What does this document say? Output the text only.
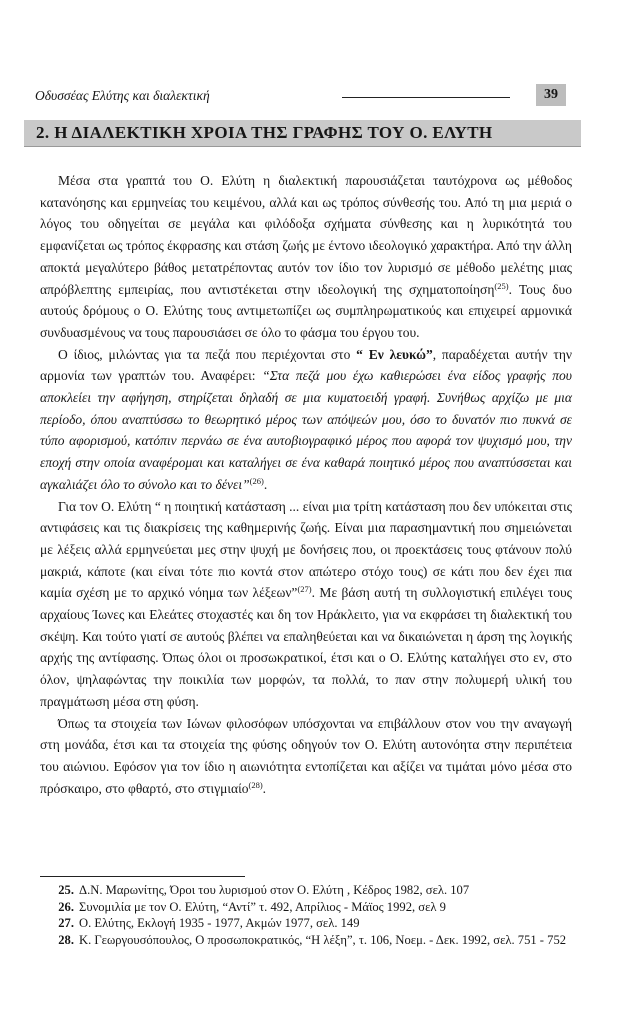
Οδυσσέας Ελύτης και διαλεκτική	39
2. Η ΔΙΑΛΕΚΤΙΚΗ ΧΡΟΙΑ ΤΗΣ ΓΡΑΦΗΣ ΤΟΥ Ο. ΕΛΥΤΗ

Μέσα στα γραπτά του Ο. Ελύτη η διαλεκτική παρουσιάζεται ταυτόχρονα ως μέθοδος κατανόησης και ερμηνείας του κειμένου, αλλά και ως τρόπος σύνθεσής του. Από τη μια μεριά ο λόγος του οδηγείται σε μεγάλα και φιλόδοξα σχήματα σύνθεσης και η λυρικότητά του εμφανίζεται ως τρόπος έκφρασης και στάση ζωής με έντονο ιδεολογικό χαρακτήρα. Από την άλλη αποκτά μεγαλύτερο βάθος μετατρέποντας αυτόν τον ίδιο τον λυρισμό σε μέθοδο μελέτης μιας απρόβλεπτης εμπειρίας, που αντιστέκεται στην ιδεολογική της σχηματοποίηση$^{(25)}$. Τους δυο αυτούς δρόμους ο Ο. Ελύτης τους αντιμετωπίζει ως συμπληρωματικούς και επιχειρεί αρμονικά συνδυασμένους να τους παρουσιάσει σε όλο το φάσμα του έργου του.

Ο ίδιος, μιλώντας για τα πεζά που περιέχονται στο “ Εν λευκώ”, παραδέχεται αυτήν την αρμονία των γραπτών του. Αναφέρει: “Στα πεζά μου έχω καθιερώσει ένα είδος γραφής που αποκλείει την αφήγηση, στηρίζεται δηλαδή σε μια κυματοειδή γραφή. Συνήθως αρχίζω με μια περίοδο, όπου αναπτύσσω το θεωρητικό μέρος των απόψεών μου, όσο το δυνατόν πιο πυκνά σε τύπο αφορισμού, κατόπιν περνάω σε ένα αυτοβιογραφικό μέρος που αφορά τον ψυχισμό μου, την εποχή στην οποία αναφέρομαι και καταλήγει σε ένα καθαρά ποιητικό μέρος που αναπτύσσεται και αγκαλιάζει όλο το σύνολο και το δένει”$^{(26)}$.

Για τον Ο. Ελύτη “ η ποιητική κατάσταση ... είναι μια τρίτη κατάσταση που δεν υπόκειται στις αντιφάσεις και τις διακρίσεις της καθημερινής ζωής. Είναι μια παρασημαντική που σημειώνεται με λέξεις αλλά ερμηνεύεται μες στην ψυχή με δονήσεις που, οι προεκτάσεις τους φτάνουν πολύ μακριά, κάποτε (και είναι τότε πιο κοντά στον απώτερο στόχο τους) σε κάτι που δεν έχει πια καμία σχέση με το αρχικό νόημα των λέξεων”$^{(27)}$. Με βάση αυτή τη συλλογιστική επιλέγει τους αρχαίους Ίωνες και Ελεάτες στοχαστές και δη τον Ηράκλειτο, για να εκφράσει τη διαλεκτική του σκέψη. Και τούτο γιατί σε αυτούς βλέπει να επαληθεύεται και να δικαιώνεται η άρση της λογικής αρχής της αντίφασης. Όπως όλοι οι προσωκρατικοί, έτσι και ο Ο. Ελύτης καταλήγει στο εν, στο όλον, ψηλαφώντας την ποικιλία των μορφών, τα πολλά, το παν στην πολυμερή υλική του πραγμάτωση μέσα στη φύση.

Όπως τα στοιχεία των Ιώνων φιλοσόφων υπόσχονται να επιβάλλουν στον νου την αναγωγή στη μονάδα, έτσι και τα στοιχεία της φύσης οδηγούν τον Ο. Ελύτη αυτονόητα στην περιπέτεια του αιώνιου. Εφόσον για τον ίδιο η αιωνιότητα εντοπίζεται και αξίζει να τιμάται μόνο μέσα στο πρόσκαιρο, στο φθαρτό, στο στιγμιαίο$^{(28)}$.

25. Δ.Ν. Μαρωνίτης, Όροι του λυρισμού στον Ο. Ελύτη , Κέδρος 1982, σελ. 107
26. Συνομιλία με τον Ο. Ελύτη, “Αντί” τ. 492, Απρίλιος - Μάϊος 1992, σελ 9
27. Ο. Ελύτης, Εκλογή 1935 - 1977, Ακμών 1977, σελ. 149
28. Κ. Γεωργουσόπουλος, Ο προσωποκρατικός, “Η λέξη”, τ. 106, Νοεμ. - Δεκ. 1992, σελ. 751 - 752
